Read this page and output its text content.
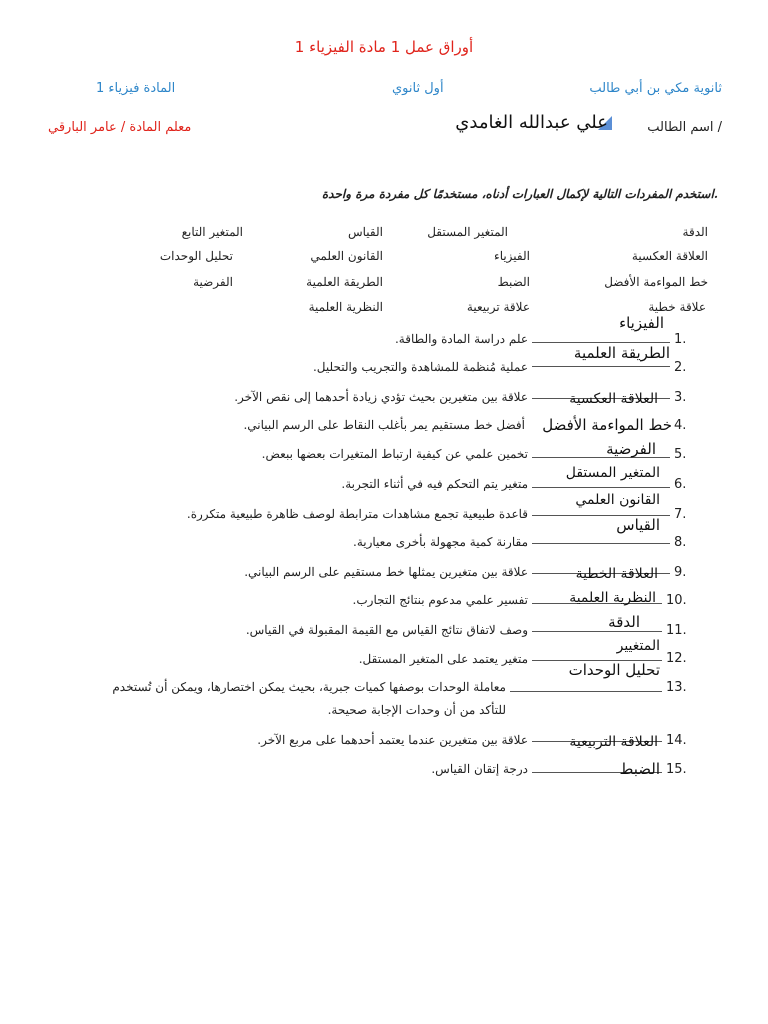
أوراق عمل 1 مادة الفيزياء 1
ثانوية مكي بن أبي طالب
أول ثانوي
المادة فيزياء 1
اسم الطالب /
علي عبدالله الغامدي
معلم المادة / عامر البارقي
استخدم المفردات التالية لإكمال العبارات أدناه، مستخدمًا كل مفردة مرة واحدة.
الدقة
المتغير المستقل
القياس
المتغير التابع
العلاقة العكسية
الفيزياء
القانون العلمي
تحليل الوحدات
خط المواءمة الأفضل
الضبط
الطريقة العلمية
الفرضية
علاقة خطية
علاقة تربيعية
النظرية العلمية
1.
الفيزياء
علم دراسة المادة والطاقة.
2.
الطريقة العلمية
عملية مُنظمة للمشاهدة والتجريب والتحليل.
3.
العلاقة العكسية
علاقة بين متغيرين بحيث تؤدي زيادة أحدهما إلى نقص الآخر.
4.
خط المواءمة الأفضل
أفضل خط مستقيم يمر بأغلب النقاط على الرسم البياني.
5.
الفرضية
تخمين علمي عن كيفية ارتباط المتغيرات بعضها ببعض.
6.
المتغير المستقل
متغير يتم التحكم فيه في أثناء التجربة.
7.
القانون العلمي
قاعدة طبيعية تجمع مشاهدات مترابطة لوصف ظاهرة طبيعية متكررة.
8.
القياس
مقارنة كمية مجهولة بأخرى معيارية.
9.
العلاقة الخطية
علاقة بين متغيرين يمثلها خط مستقيم على الرسم البياني.
10.
النظرية العلمية
تفسير علمي مدعوم بنتائج التجارب.
11.
الدقة
وصف لاتفاق نتائج القياس مع القيمة المقبولة في القياس.
12.
المتغيير
متغير يعتمد على المتغير المستقل.
13.
تحليل الوحدات
معاملة الوحدات بوصفها كميات جبرية، بحيث يمكن اختصارها، ويمكن أن تُستخدم
للتأكد من أن وحدات الإجابة صحيحة.
14.
العلاقة التربيعية
علاقة بين متغيرين عندما يعتمد أحدهما على مربع الآخر.
15.
الضبط
درجة إتقان القياس.
